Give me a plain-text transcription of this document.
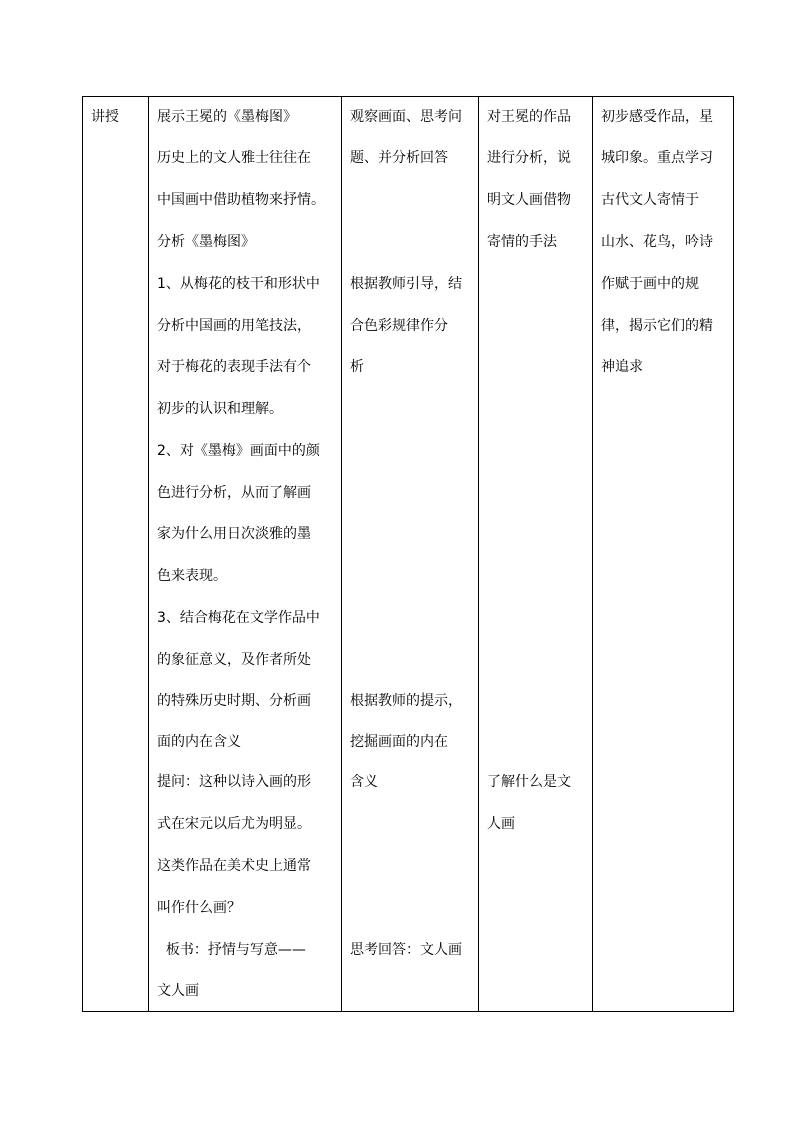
讲授	展示王冕的《墨梅图》
历史上的文人雅士往往在
中国画中借助植物来抒情。
分析《墨梅图》
1、从梅花的枝干和形状中
分析中国画的用笔技法，
对于梅花的表现手法有个
初步的认识和理解。
2、对《墨梅》画面中的颜
色进行分析，从而了解画
家为什么用日次淡雅的墨
色来表现。
3、结合梅花在文学作品中
的象征意义，及作者所处
的特殊历史时期、分析画
面的内在含义
提问：这种以诗入画的形
式在宋元以后尤为明显。
这类作品在美术史上通常
叫作什么画？
板书：抒情与写意——
文人画
观察画面、思考问
题、并分析回答
根据教师引导，结
合色彩规律作分
析
根据教师的提示，
挖掘画面的内在
含义
思考回答：文人画
对王冕的作品
进行分析，说
明文人画借物
寄情的手法
了解什么是文
人画
初步感受作品，星
城印象。重点学习
古代文人寄情于
山水、花鸟，吟诗
作赋于画中的规
律，揭示它们的精
神追求
